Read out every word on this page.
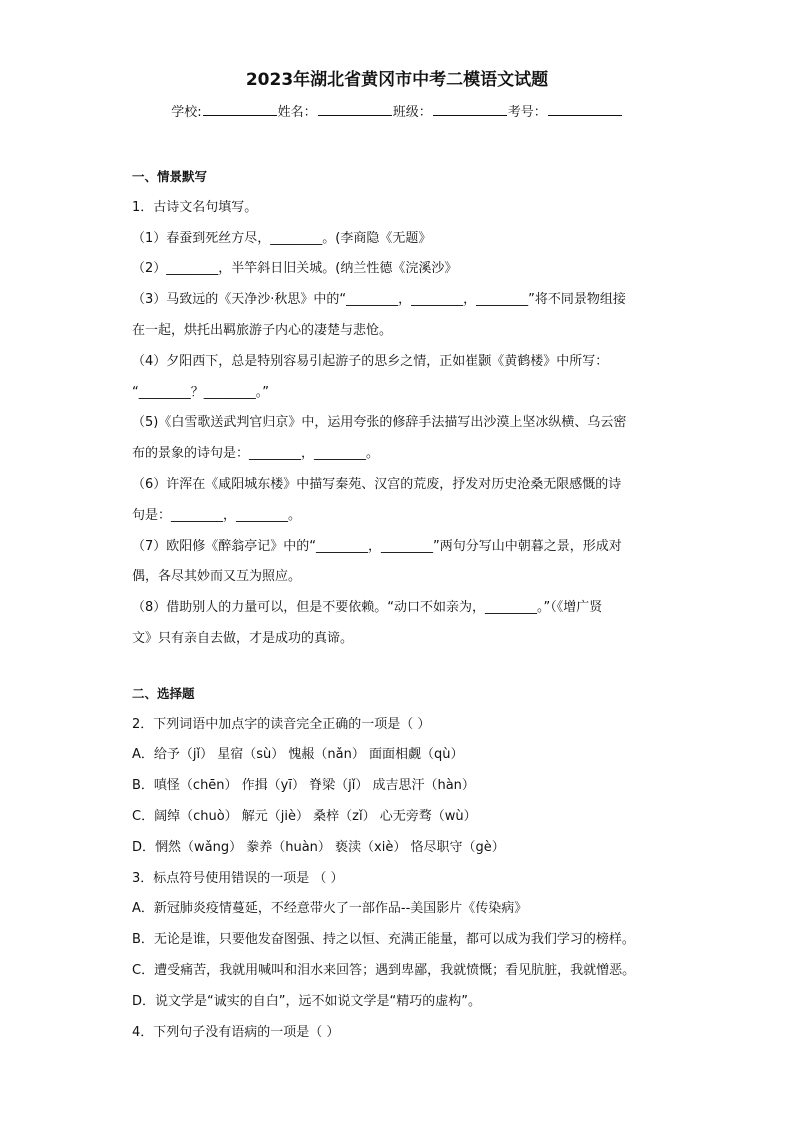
2023年湖北省黄冈市中考二模语文试题
学校:	姓名：	班级：	考号：
一、情景默写
1．古诗文名句填写。
（1）春蚕到死丝方尽，________。(李商隐《无题》
（2）________，半竿斜日旧关城。(纳兰性德《浣溪沙》
（3）马致远的《天净沙·秋思》中的“________，________，________”将不同景物组接
在一起，烘托出羁旅游子内心的凄楚与悲怆。
（4）夕阳西下，总是特别容易引起游子的思乡之情，正如崔颢《黄鹤楼》中所写：
“________？________。”
（5)《白雪歌送武判官归京》中，运用夸张的修辞手法描写出沙漠上坚冰纵横、乌云密
布的景象的诗句是：________，________。
（6）许浑在《咸阳城东楼》中描写秦苑、汉宫的荒废，抒发对历史沧桑无限感慨的诗
句是：________，________。
（7）欧阳修《醉翁亭记》中的“________，________”两句分写山中朝暮之景，形成对
偶，各尽其妙而又互为照应。
（8）借助别人的力量可以，但是不要依赖。“动口不如亲为，________。”（《增广贤
文》只有亲自去做，才是成功的真谛。
二、选择题
2．下列词语中加点字的读音完全正确的一项是（ ）
A．给予（jǐ） 星宿（sù） 愧赧（nǎn） 面面相觑（qù）
B．嗔怪（chēn） 作揖（yī） 脊梁（jǐ） 成吉思汗（hàn）
C．阔绰（chuò） 解元（jiè） 桑梓（zǐ） 心无旁骛（wù）
D．惘然（wǎng） 豢养（huàn） 亵渎（xiè） 恪尽职守（gè）
3．标点符号使用错误的一项是 （ ）
A．新冠肺炎疫情蔓延，不经意带火了一部作品--美国影片《传染病》
B．无论是谁，只要他发奋图强、持之以恒、充满正能量，都可以成为我们学习的榜样。
C．遭受痛苦，我就用喊叫和泪水来回答；遇到卑鄙，我就愤慨；看见肮脏，我就憎恶。
D．说文学是“诚实的自白”，远不如说文学是“精巧的虚构”。
4．下列句子没有语病的一项是（ ）
